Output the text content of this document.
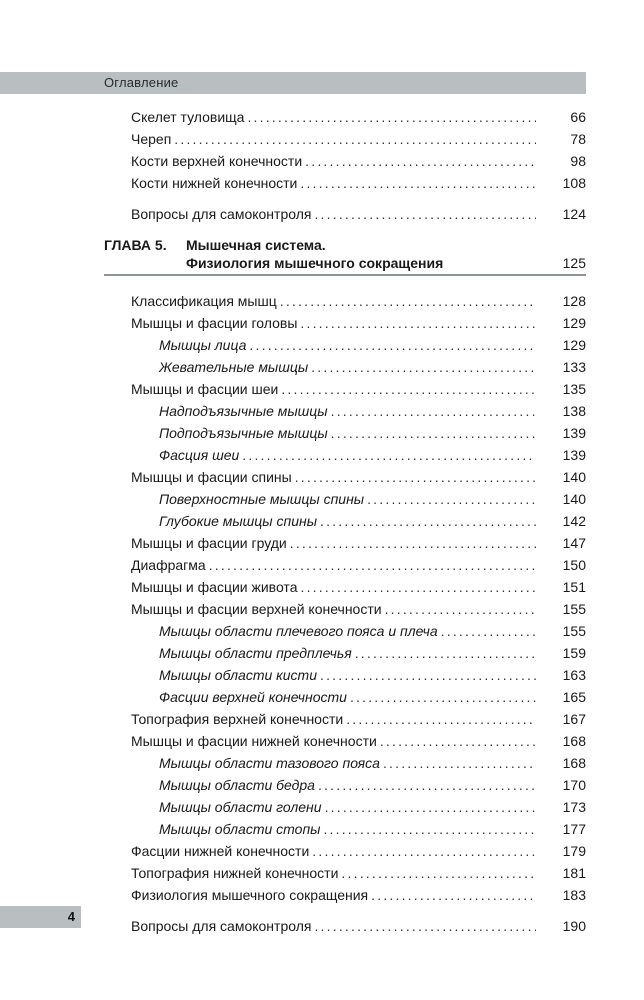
Оглавление
Скелет туловища .....	66
Череп .....	78
Кости верхней конечности .....	98
Кости нижней конечности .....	108
Вопросы для самоконтроля .....	124
ГЛАВА 5.	Мышечная система.
Физиология мышечного сокращения	125
Классификация мышц .....	128
Мышцы и фасции головы .....	129
Мышцы лица .....	129
Жевательные мышцы .....	133
Мышцы и фасции шеи .....	135
Надподъязычные мышцы .....	138
Подподъязычные мышцы .....	139
Фасция шеи .....	139
Мышцы и фасции спины .....	140
Поверхностные мышцы спины .....	140
Глубокие мышцы спины .....	142
Мышцы и фасции груди .....	147
Диафрагма .....	150
Мышцы и фасции живота .....	151
Мышцы и фасции верхней конечности .....	155
Мышцы области плечевого пояса и плеча .....	155
Мышцы области предплечья .....	159
Мышцы области кисти .....	163
Фасции верхней конечности .....	165
Топография верхней конечности .....	167
Мышцы и фасции нижней конечности .....	168
Мышцы области тазового пояса .....	168
Мышцы области бедра .....	170
Мышцы области голени .....	173
Мышцы области стопы .....	177
Фасции нижней конечности .....	179
Топография нижней конечности .....	181
Физиология мышечного сокращения .....	183
Вопросы для самоконтроля .....	190
4
